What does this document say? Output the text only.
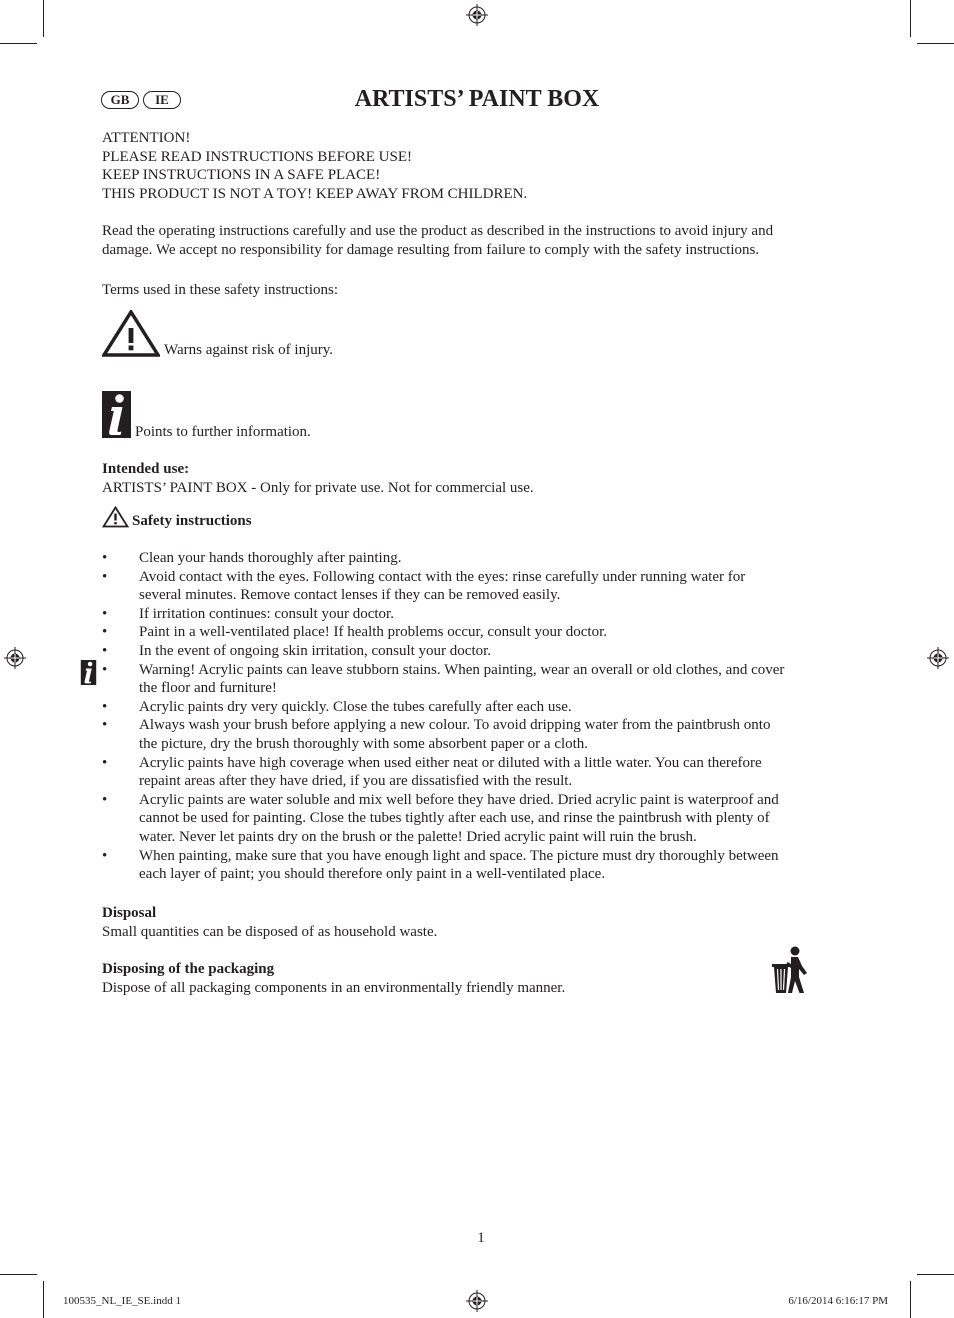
GB	IE	ARTISTS’ PAINT BOX
ATTENTION!
PLEASE READ INSTRUCTIONS BEFORE USE!
KEEP INSTRUCTIONS IN A SAFE PLACE!
THIS PRODUCT IS NOT A TOY! KEEP AWAY FROM CHILDREN.
Read the operating instructions carefully and use the product as described in the instructions to avoid injury and
damage. We accept no responsibility for damage resulting from failure to comply with the safety instructions.
Terms used in these safety instructions:
Warns against risk of injury.
Points to further information.
Intended use:
ARTISTS’ PAINT BOX - Only for private use. Not for commercial use.
Safety instructions
• Clean your hands thoroughly after painting.
• Avoid contact with the eyes. Following contact with the eyes: rinse carefully under running water for
several minutes. Remove contact lenses if they can be removed easily.
• If irritation continues: consult your doctor.
• Paint in a well-ventilated place! If health problems occur, consult your doctor.
• In the event of ongoing skin irritation, consult your doctor.
• Warning! Acrylic paints can leave stubborn stains. When painting, wear an overall or old clothes, and cover
the floor and furniture!
• Acrylic paints dry very quickly. Close the tubes carefully after each use.
• Always wash your brush before applying a new colour. To avoid dripping water from the paintbrush onto
the picture, dry the brush thoroughly with some absorbent paper or a cloth.
• Acrylic paints have high coverage when used either neat or diluted with a little water. You can therefore
repaint areas after they have dried, if you are dissatisfied with the result.
• Acrylic paints are water soluble and mix well before they have dried. Dried acrylic paint is waterproof and
cannot be used for painting. Close the tubes tightly after each use, and rinse the paintbrush with plenty of
water. Never let paints dry on the brush or the palette! Dried acrylic paint will ruin the brush.
• When painting, make sure that you have enough light and space. The picture must dry thoroughly between
each layer of paint; you should therefore only paint in a well-ventilated place.
Disposal
Small quantities can be disposed of as household waste.
Disposing of the packaging
Dispose of all packaging components in an environmentally friendly manner.
1
100535_NL_IE_SE.indd 1	6/16/2014 6:16:17 PM
